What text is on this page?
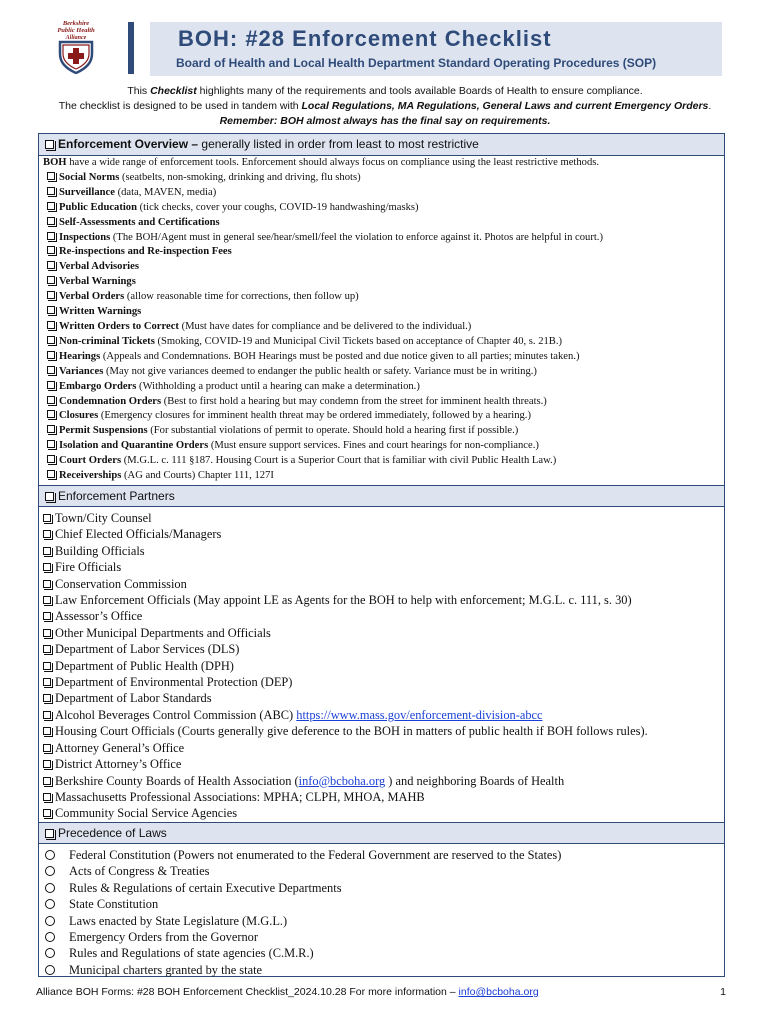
Berkshire
Public Health
Alliance	BOH: #28 Enforcement Checklist
Board of Health and Local Health Department Standard Operating Procedures (SOP)
This Checklist highlights many of the requirements and tools available Boards of Health to ensure compliance.
The checklist is designed to be used in tandem with Local Regulations, MA Regulations, General Laws and current Emergency Orders.
Remember: BOH almost always has the final say on requirements.
Enforcement Overview – generally listed in order from least to most restrictive
BOH have a wide range of enforcement tools. Enforcement should always focus on compliance using the least restrictive methods.
Social Norms (seatbelts, non-smoking, drinking and driving, flu shots)
Surveillance (data, MAVEN, media)
Public Education (tick checks, cover your coughs, COVID-19 handwashing/masks)
Self-Assessments and Certifications
Inspections (The BOH/Agent must in general see/hear/smell/feel the violation to enforce against it. Photos are helpful in court.)
Re-inspections and Re-inspection Fees
Verbal Advisories
Verbal Warnings
Verbal Orders (allow reasonable time for corrections, then follow up)
Written Warnings
Written Orders to Correct (Must have dates for compliance and be delivered to the individual.)
Non-criminal Tickets (Smoking, COVID-19 and Municipal Civil Tickets based on acceptance of Chapter 40, s. 21B.)
Hearings (Appeals and Condemnations. BOH Hearings must be posted and due notice given to all parties; minutes taken.)
Variances (May not give variances deemed to endanger the public health or safety. Variance must be in writing.)
Embargo Orders (Withholding a product until a hearing can make a determination.)
Condemnation Orders (Best to first hold a hearing but may condemn from the street for imminent health threats.)
Closures (Emergency closures for imminent health threat may be ordered immediately, followed by a hearing.)
Permit Suspensions (For substantial violations of permit to operate. Should hold a hearing first if possible.)
Isolation and Quarantine Orders (Must ensure support services. Fines and court hearings for non-compliance.)
Court Orders (M.G.L. c. 111 §187. Housing Court is a Superior Court that is familiar with civil Public Health Law.)
Receiverships (AG and Courts) Chapter 111, 127I
Enforcement Partners
Town/City Counsel
Chief Elected Officials/Managers
Building Officials
Fire Officials
Conservation Commission
Law Enforcement Officials (May appoint LE as Agents for the BOH to help with enforcement; M.G.L. c. 111, s. 30)
Assessor’s Office
Other Municipal Departments and Officials
Department of Labor Services (DLS)
Department of Public Health (DPH)
Department of Environmental Protection (DEP)
Department of Labor Standards
Alcohol Beverages Control Commission (ABC) https://www.mass.gov/enforcement-division-abcc
Housing Court Officials (Courts generally give deference to the BOH in matters of public health if BOH follows rules).
Attorney General’s Office
District Attorney’s Office
Berkshire County Boards of Health Association (info@bcboha.org ) and neighboring Boards of Health
Massachusetts Professional Associations: MPHA; CLPH, MHOA, MAHB
Community Social Service Agencies
Precedence of Laws
Federal Constitution (Powers not enumerated to the Federal Government are reserved to the States)
Acts of Congress & Treaties
Rules & Regulations of certain Executive Departments
State Constitution
Laws enacted by State Legislature (M.G.L.)
Emergency Orders from the Governor
Rules and Regulations of state agencies (C.M.R.)
Municipal charters granted by the state
Alliance BOH Forms: #28 BOH Enforcement Checklist_2024.10.28 For more information – info@bcboha.org	1
